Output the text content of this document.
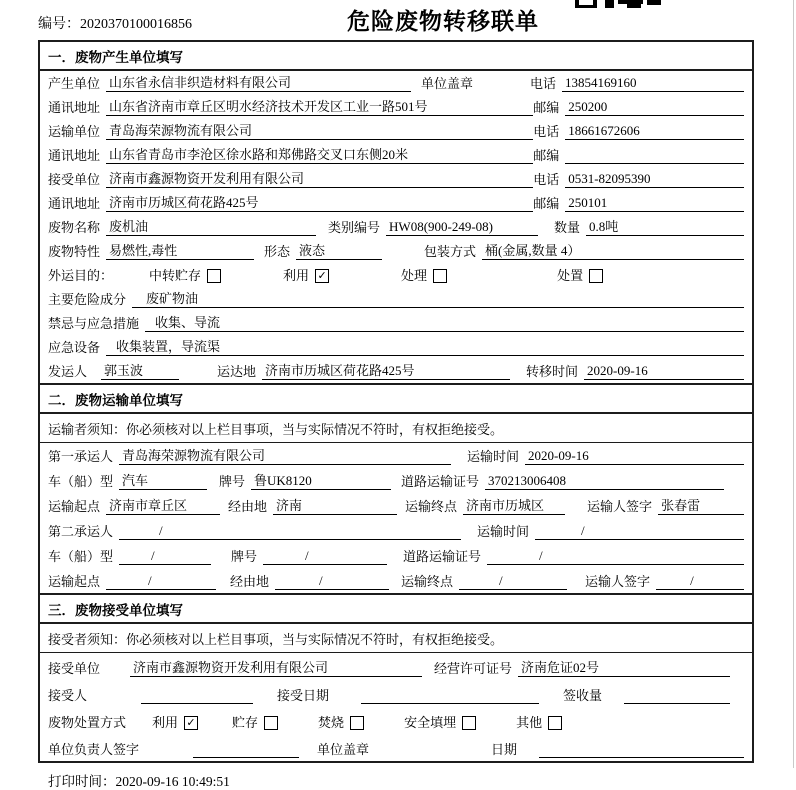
编号：2020370100016856	危险废物转移联单
一．废物产生单位填写
产生单位 山东省永信非织造材料有限公司	单位盖章	电话 13854169160
通讯地址 山东省济南市章丘区明水经济技术开发区工业一路501号	邮编 250200
运输单位 青岛海荣源物流有限公司	电话 18661672606
通讯地址 山东省青岛市李沧区徐水路和郑佛路交叉口东侧20米	邮编
接受单位 济南市鑫源物资开发利用有限公司	电话 0531-82095390
通讯地址 济南市历城区荷花路425号	邮编 250101
废物名称 废机油	类别编号 HW08(900-249-08)	数量 0.8吨
废物特性 易燃性,毒性	形态 液态	包装方式 桶(金属,数量 4）
外运目的：	中转贮存	利用 ✓	处理	处置
主要危险成分	废矿物油
禁忌与应急措施	收集、导流
应急设备	收集装置，导流渠
发运人 郭玉波	运达地 济南市历城区荷花路425号	转移时间 2020-09-16
二．废物运输单位填写
运输者须知：你必须核对以上栏目事项，当与实际情况不符时，有权拒绝接受。
第一承运人 青岛海荣源物流有限公司	运输时间 2020-09-16
车（船）型 汽车	牌号 鲁UK8120	道路运输证号 370213006408
运输起点 济南市章丘区	经由地 济南	运输终点 济南市历城区	运输人签字 张春雷
第二承运人	/	运输时间	/
车（船）型	/	牌号	/	道路运输证号	/
运输起点	/	经由地	/	运输终点	/	运输人签字	/
三．废物接受单位填写
接受者须知：你必须核对以上栏目事项，当与实际情况不符时，有权拒绝接受。
接受单位	济南市鑫源物资开发利用有限公司	经营许可证号 济南危证02号
接受人	接受日期	签收量
废物处置方式 利用 ✓	贮存	焚烧	安全填埋	其他
单位负责人签字	单位盖章	日期
打印时间：2020-09-16 10:49:51
